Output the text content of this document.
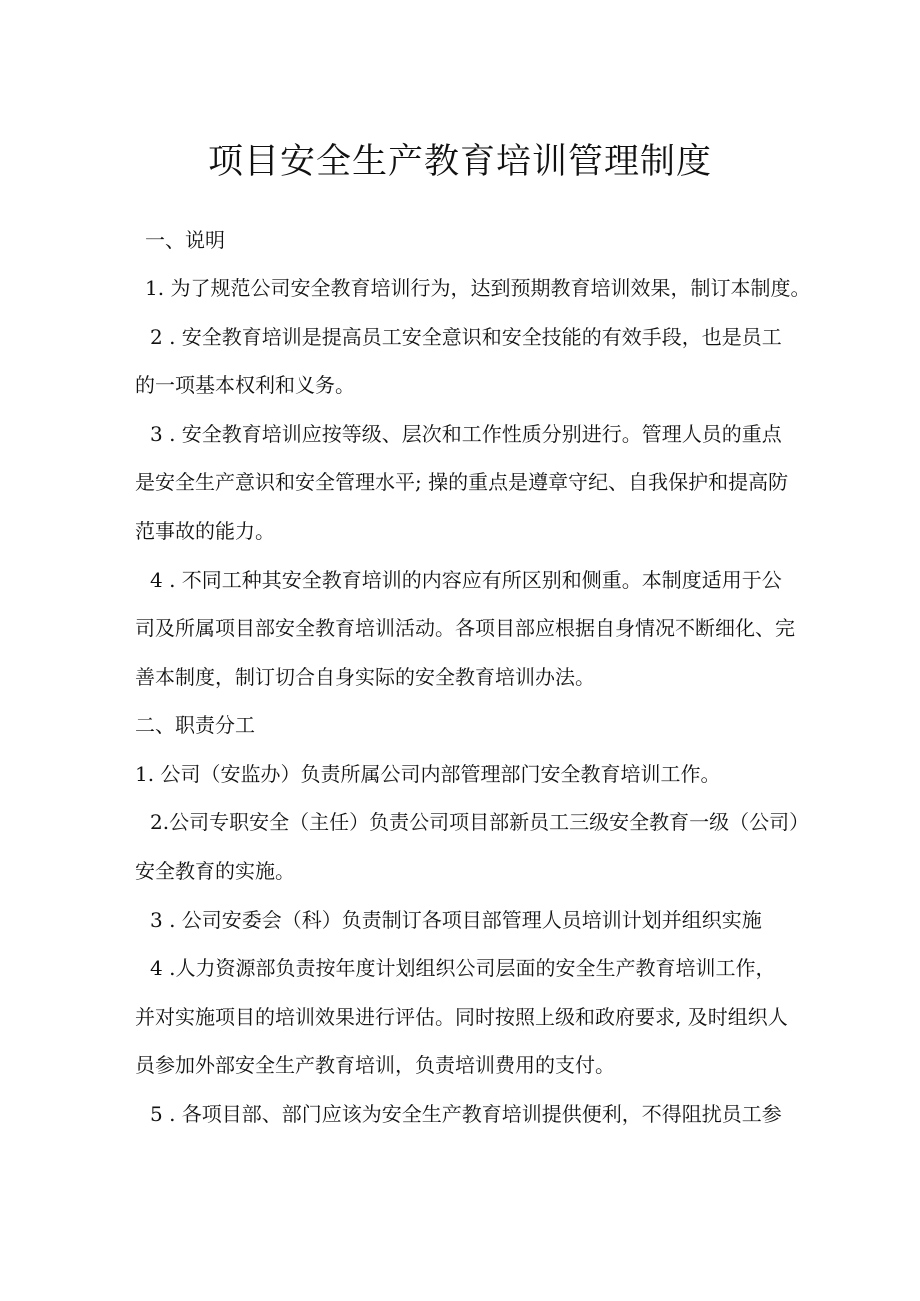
项目安全生产教育培训管理制度

一、说明

1. 为了规范公司安全教育培训行为，达到预期教育培训效果，制订本制度。

2 . 安全教育培训是提高员工安全意识和安全技能的有效手段，也是员工

的一项基本权利和义务。

3 . 安全教育培训应按等级、层次和工作性质分别进行。管理人员的重点

是安全生产意识和安全管理水平; 操的重点是遵章守纪、自我保护和提高防

范事故的能力。

4 . 不同工种其安全教育培训的内容应有所区别和侧重。本制度适用于公

司及所属项目部安全教育培训活动。各项目部应根据自身情况不断细化、完

善本制度，制订切合自身实际的安全教育培训办法。

二、职责分工

1. 公司（安监办）负责所属公司内部管理部门安全教育培训工作。

2.公司专职安全（主任）负责公司项目部新员工三级安全教育一级（公司）

安全教育的实施。

3 . 公司安委会（科）负责制订各项目部管理人员培训计划并组织实施

4 .人力资源部负责按年度计划组织公司层面的安全生产教育培训工作，

并对实施项目的培训效果进行评估。同时按照上级和政府要求, 及时组织人

员参加外部安全生产教育培训，负责培训费用的支付。

5 . 各项目部、部门应该为安全生产教育培训提供便利，不得阻扰员工参
